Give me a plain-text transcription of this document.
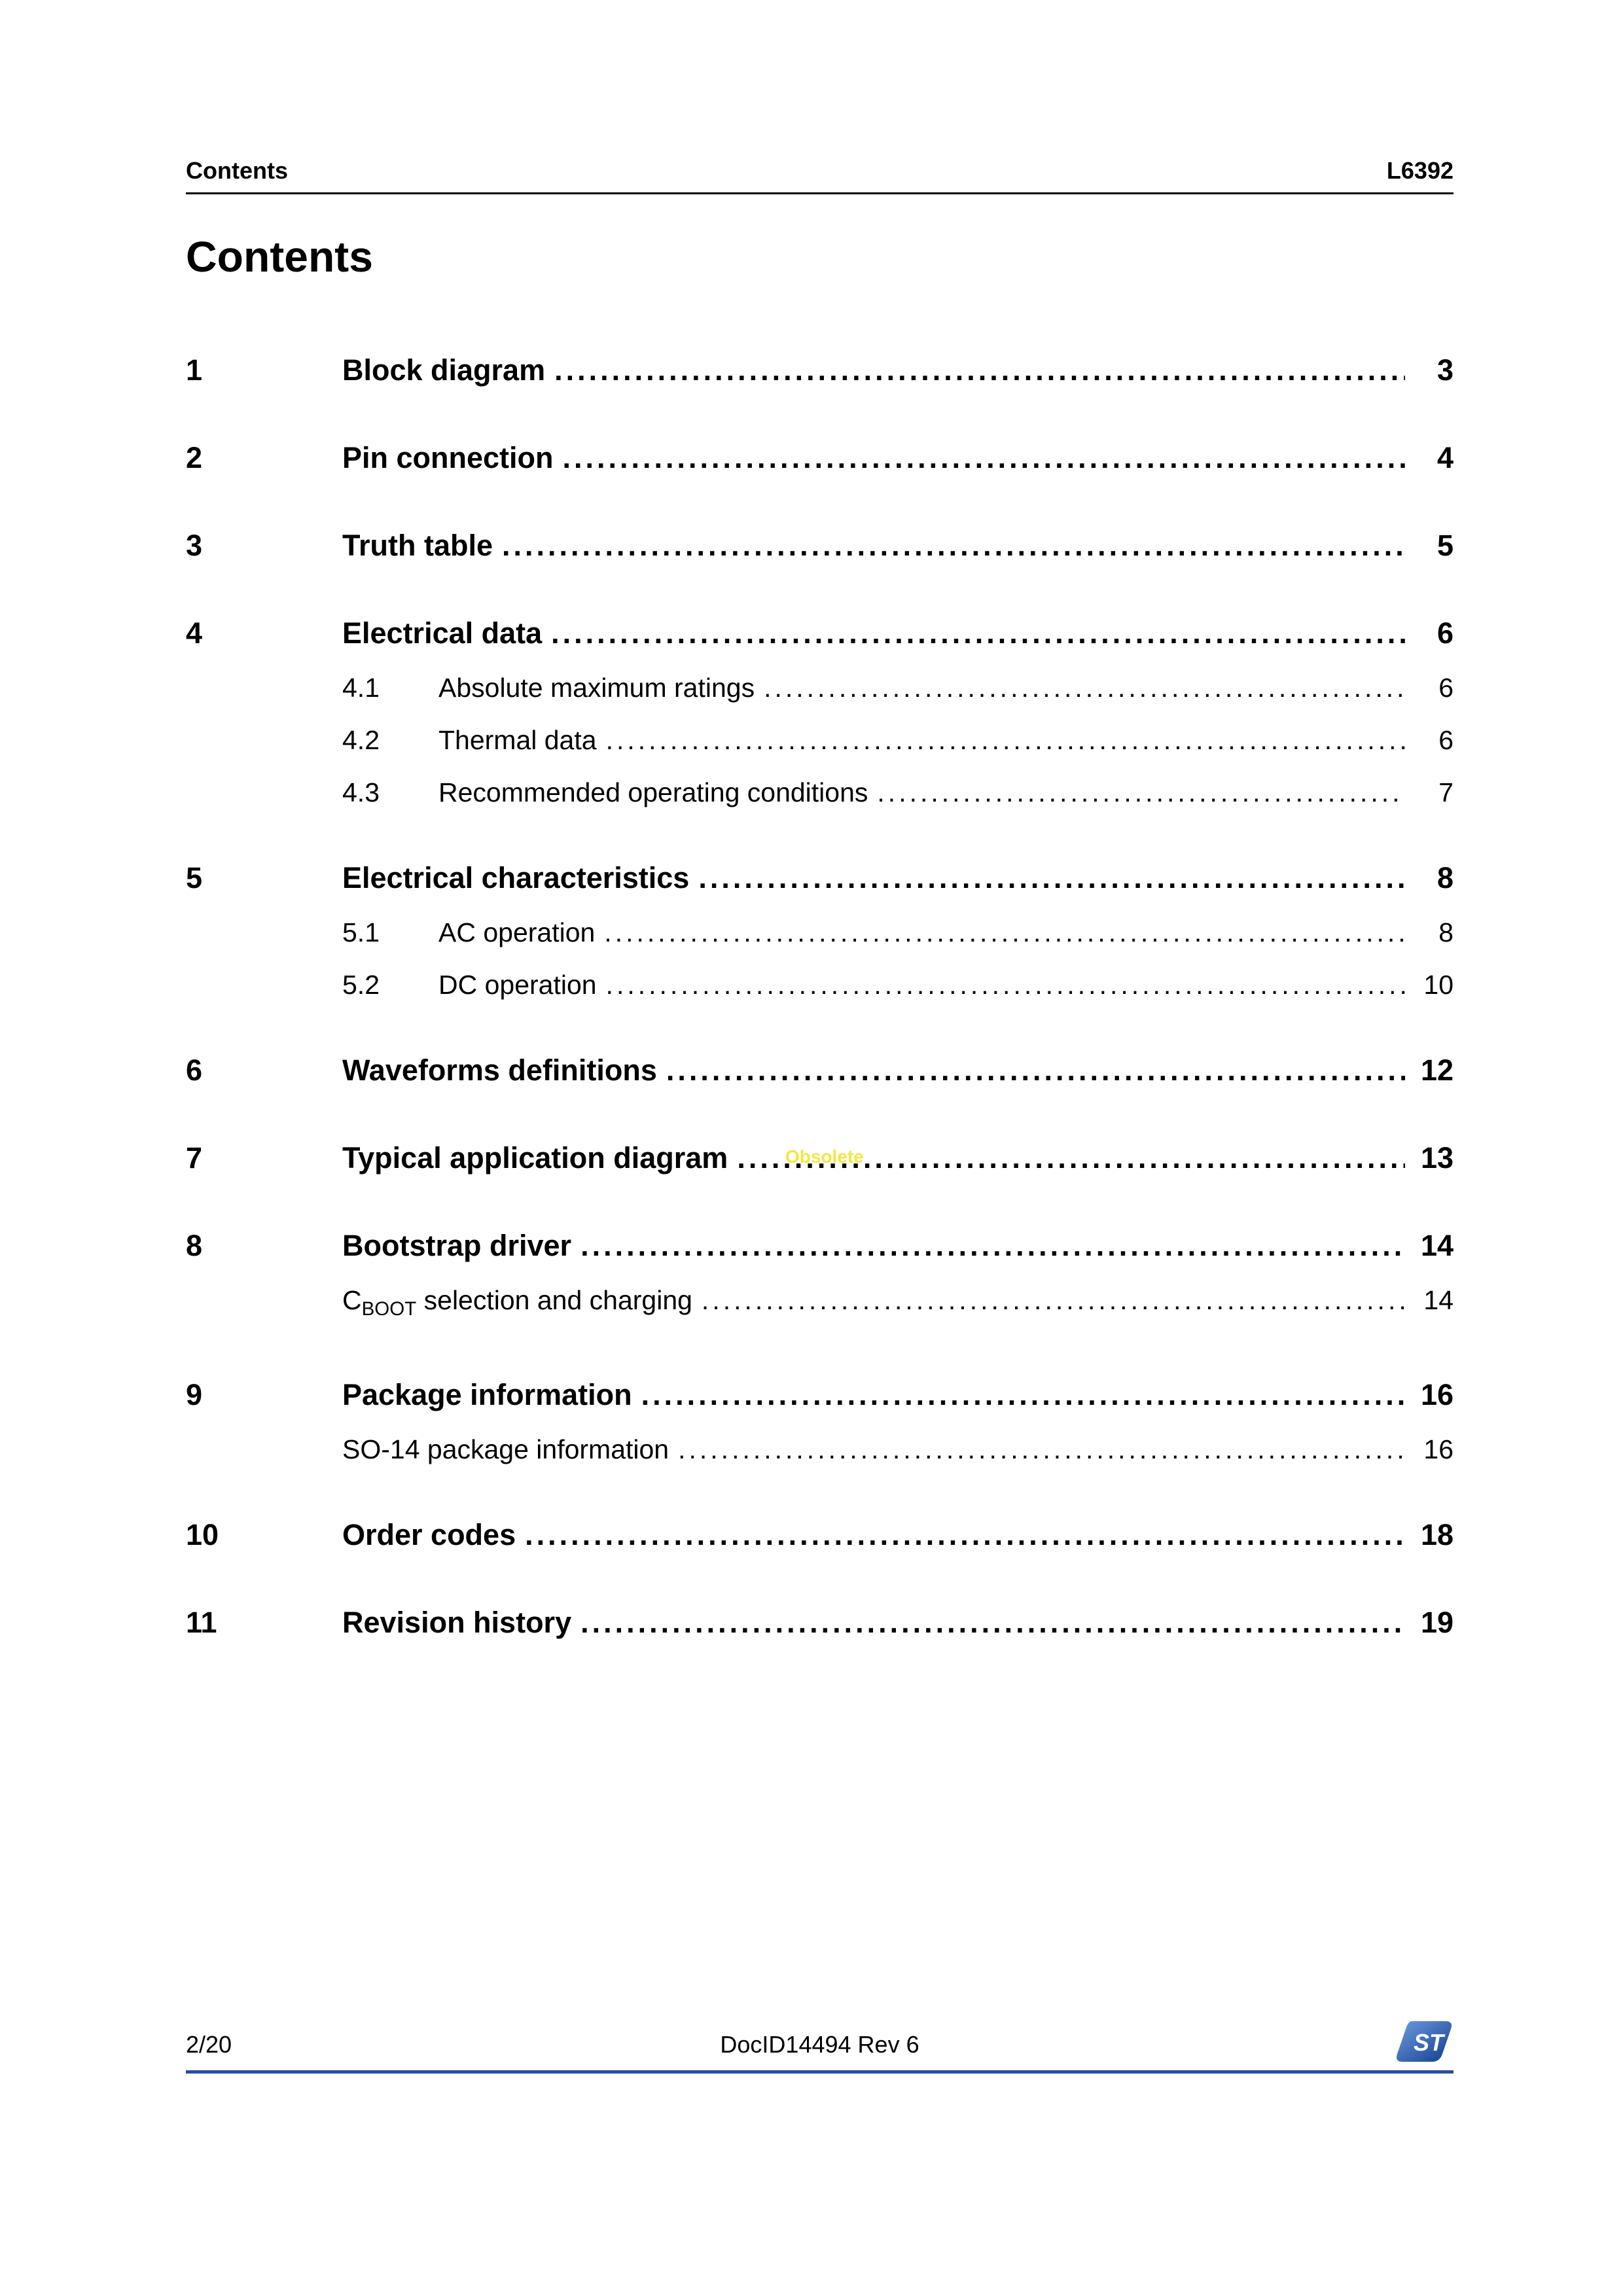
Contents	L6392
Contents
1	Block diagram .....	3
2	Pin connection .....	4
3	Truth table .....	5
4	Electrical data .....	6
4.1	Absolute maximum ratings .....	6
4.2	Thermal data .....	6
4.3	Recommended operating conditions .....	7
5	Electrical characteristics .....	8
5.1	AC operation .....	8
5.2	DC operation .....	10
6	Waveforms definitions .....	12
7	Typical application diagram .....	13
8	Bootstrap driver .....	14
$C_{BOOT}$ selection and charging .....	14
9	Package information .....	16
SO-14 package information .....	16
10	Order codes .....	18
11	Revision history .....	19
Obsolete
2/20	DocID14494 Rev 6	ST
